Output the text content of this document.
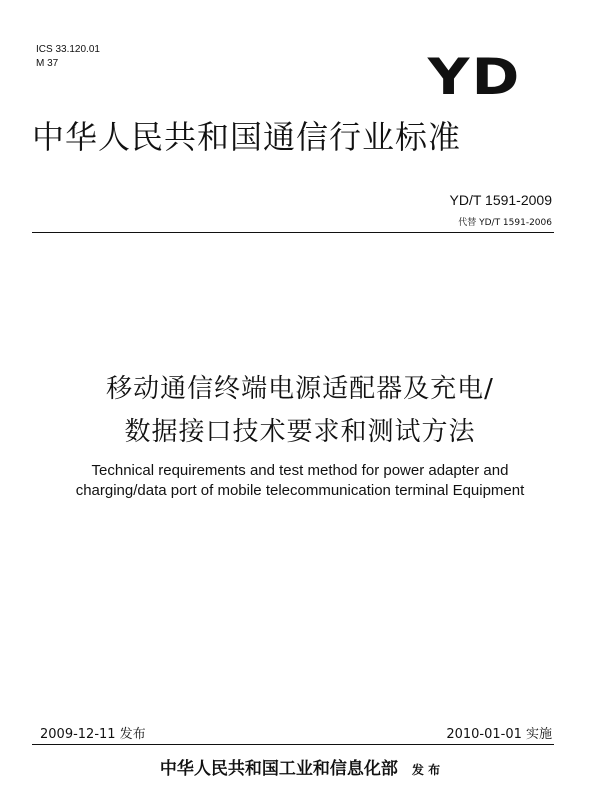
ICS 33.120.01
M 37	YD
中华人民共和国通信行业标准
YD/T 1591-2009
代替 YD/T 1591-2006
移动通信终端电源适配器及充电/
数据接口技术要求和测试方法
Technical requirements and test method for power adapter and
charging/data port of mobile telecommunication terminal Equipment
2009-12-11 发布	2010-01-01 实施
中华人民共和国工业和信息化部 发 布
